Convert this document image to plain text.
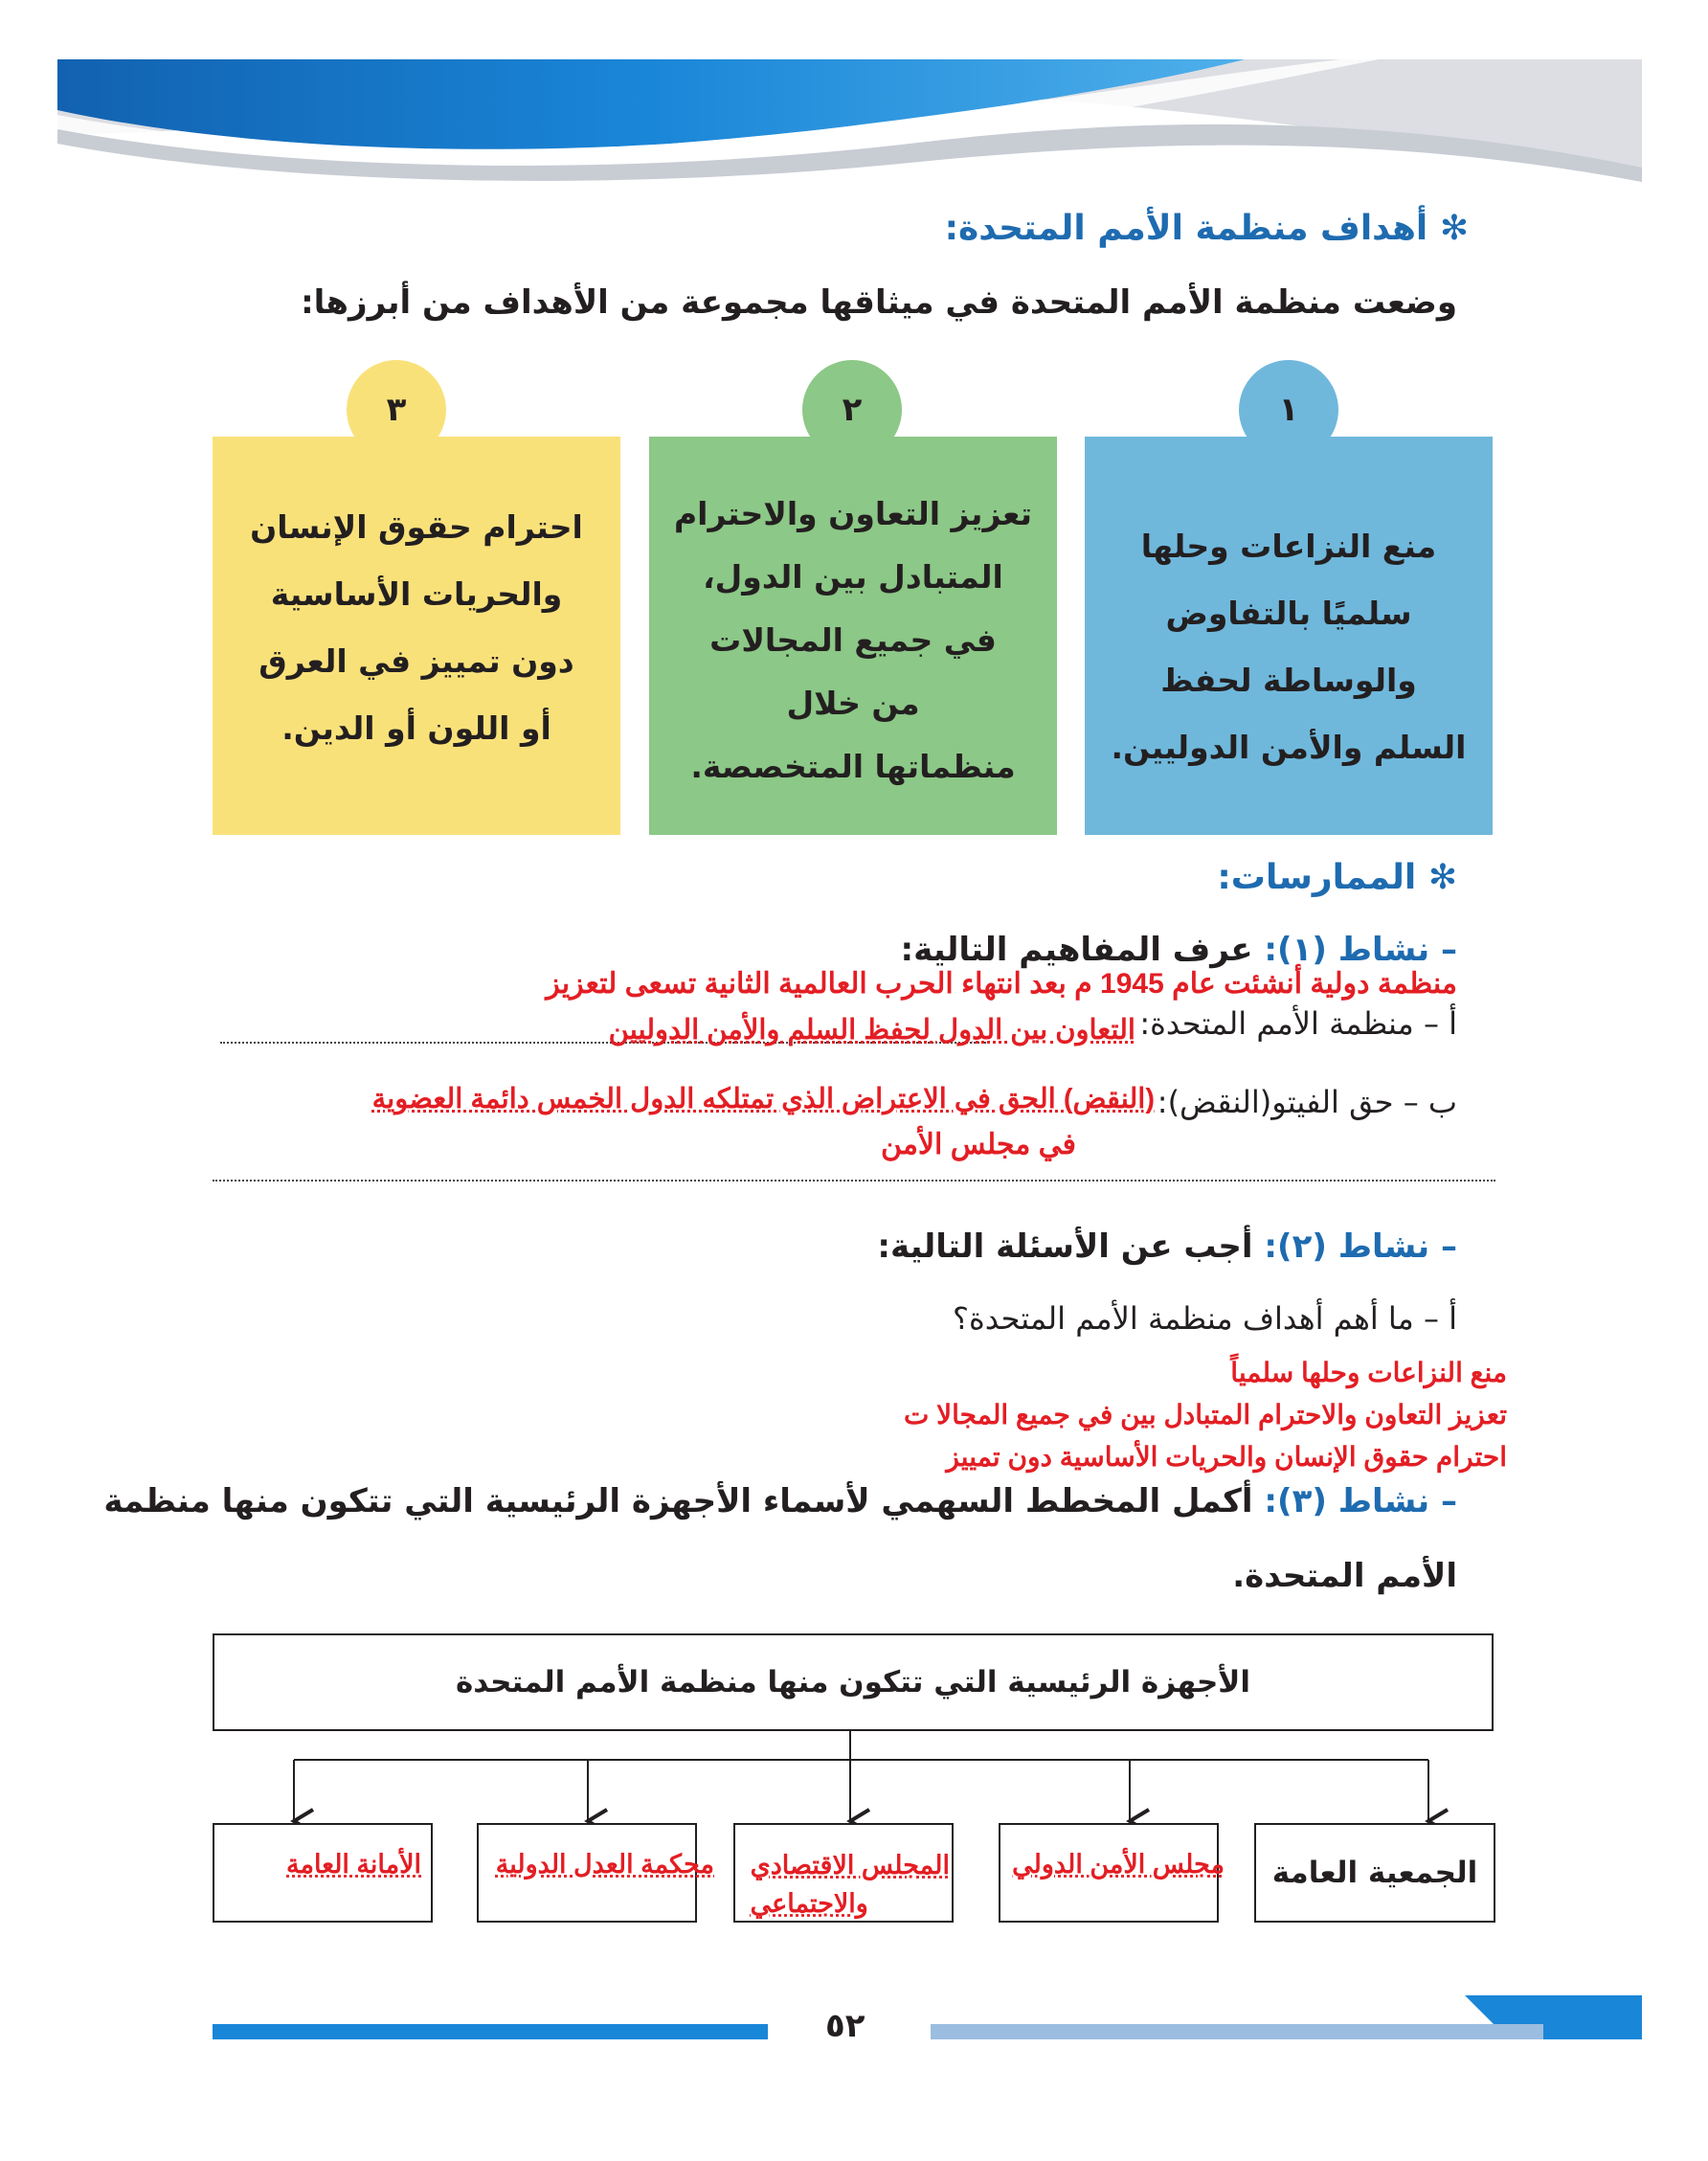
✻ أهداف منظمة الأمم المتحدة:
وضعت منظمة الأمم المتحدة في ميثاقها مجموعة من الأهداف من أبرزها:
١
٢
٣
منع النزاعات وحلها
سلميًا بالتفاوض
والوساطة لحفظ
السلم والأمن الدوليين.
تعزيز التعاون والاحترام
المتبادل بين الدول،
في جميع المجالات
من خلال
منظماتها المتخصصة.
احترام حقوق الإنسان
والحريات الأساسية
دون تمييز في العرق
أو اللون أو الدين.
✻ الممارسات:
– نشاط (١): عرف المفاهيم التالية:
منظمة دولية أنشئت عام 1945 م بعد انتهاء الحرب العالمية الثانية تسعى لتعزيز
أ – منظمة الأمم المتحدة:
التعاون بين الدول لحفظ السلم والأمن الدوليين
ب – حق الفيتو(النقض):
(النقض) الحق في الاعتراض الذي تمتلكه الدول الخمس دائمة العضوية
في مجلس الأمن
– نشاط (٢): أجب عن الأسئلة التالية:
أ – ما أهم أهداف منظمة الأمم المتحدة؟
منع النزاعات وحلها سلمياً
تعزيز التعاون والاحترام المتبادل بين في جميع المجالا ت
احترام حقوق الإنسان والحريات الأساسية دون تمييز
– نشاط (٣): أكمل المخطط السهمي لأسماء الأجهزة الرئيسية التي تتكون منها منظمة
الأمم المتحدة.
الأجهزة الرئيسية التي تتكون منها منظمة الأمم المتحدة
الجمعية العامة
مجلس الأمن الدولي
المجلس الاقتصادي
والاجتماعي
محكمة العدل الدولية
الأمانة العامة
٥٢
